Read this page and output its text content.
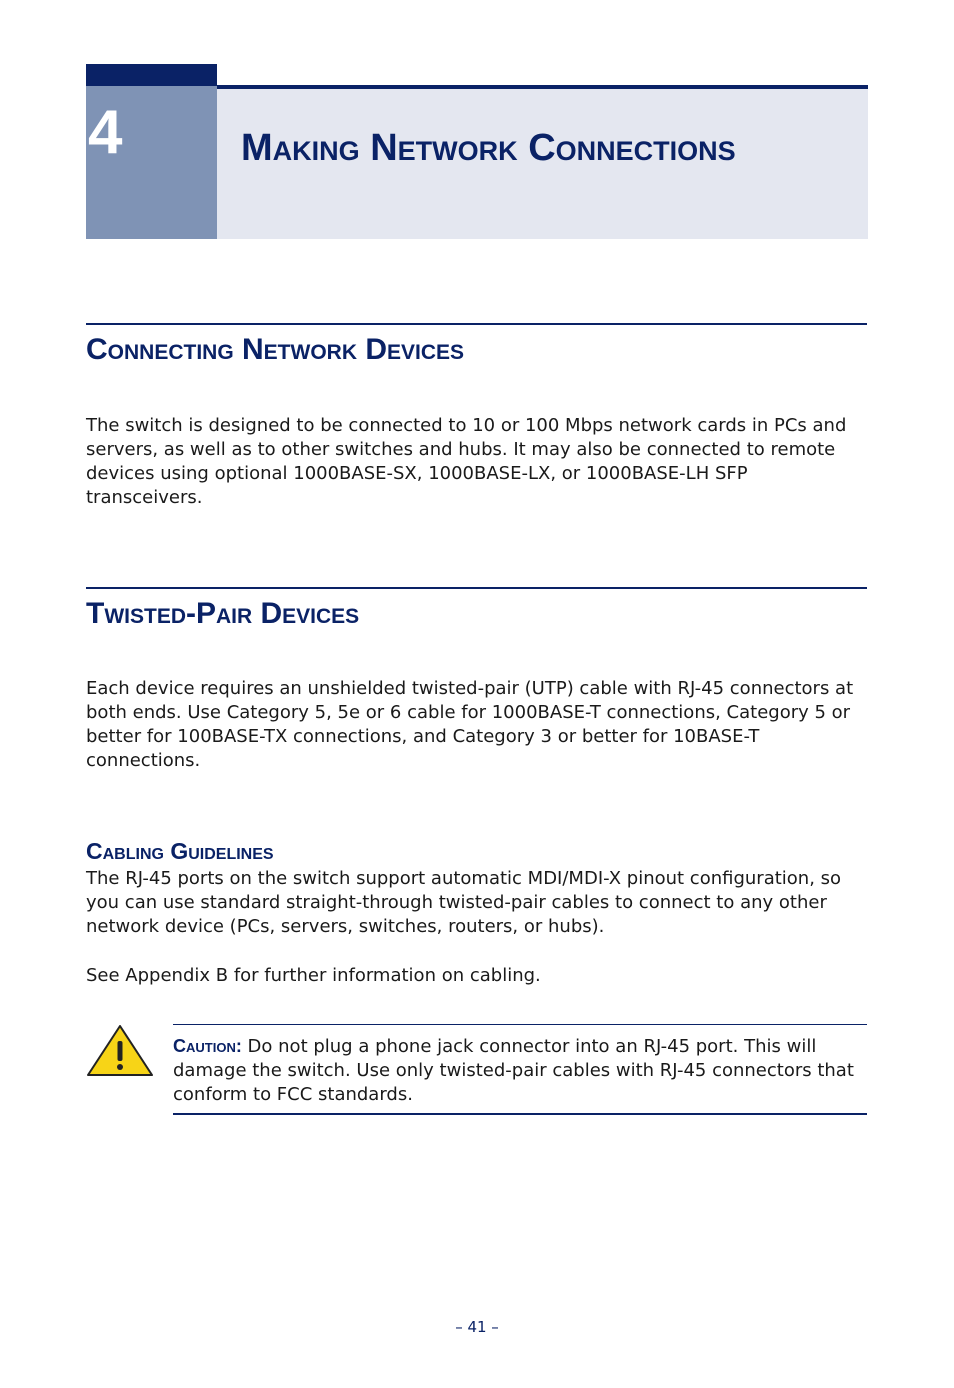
4	Making Network Connections
Connecting Network Devices
The switch is designed to be connected to 10 or 100 Mbps network cards in PCs and servers, as well as to other switches and hubs. It may also be connected to remote devices using optional 1000BASE-SX, 1000BASE-LX, or 1000BASE-LH SFP transceivers.
Twisted-Pair Devices
Each device requires an unshielded twisted-pair (UTP) cable with RJ-45 connectors at both ends. Use Category 5, 5e or 6 cable for 1000BASE-T connections, Category 5 or better for 100BASE-TX connections, and Category 3 or better for 10BASE-T connections.
Cabling Guidelines
The RJ-45 ports on the switch support automatic MDI/MDI-X pinout configuration, so you can use standard straight-through twisted-pair cables to connect to any other network device (PCs, servers, switches, routers, or hubs).
See Appendix B for further information on cabling.
Caution: Do not plug a phone jack connector into an RJ-45 port. This will damage the switch. Use only twisted-pair cables with RJ-45 connectors that conform to FCC standards.
– 41 –
